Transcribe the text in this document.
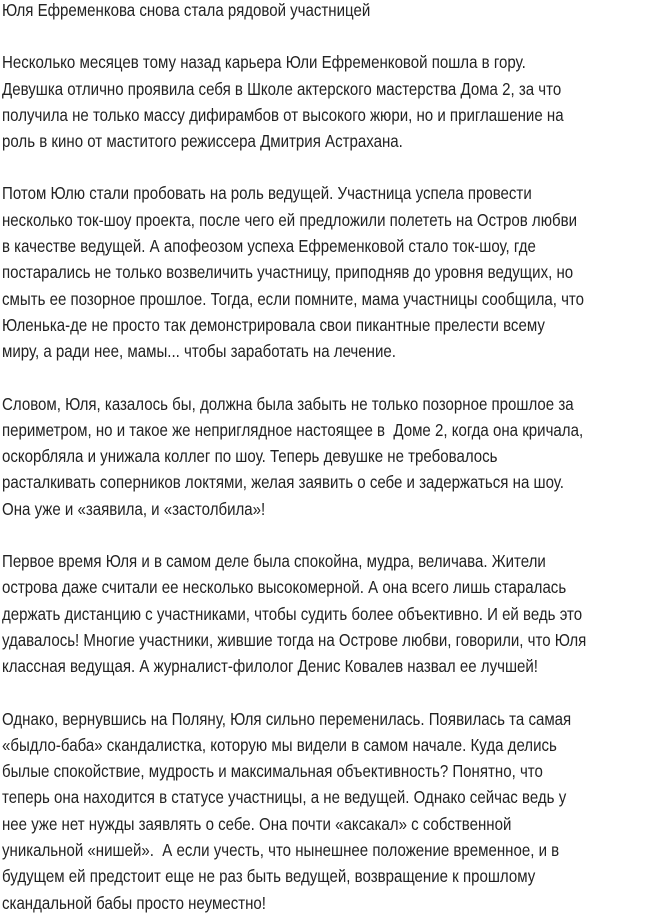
Юля Ефременкова снова стала рядовой участницей
Несколько месяцев тому назад карьера Юли Ефременковой пошла в гору.
Девушка отлично проявила себя в Школе актерского мастерства Дома 2, за что
получила не только массу дифирамбов от высокого жюри, но и приглашение на
роль в кино от маститого режиссера Дмитрия Астрахана.
Потом Юлю стали пробовать на роль ведущей. Участница успела провести
несколько ток-шоу проекта, после чего ей предложили полететь на Остров любви
в качестве ведущей. А апофеозом успеха Ефременковой стало ток-шоу, где
постарались не только возвеличить участницу, приподняв до уровня ведущих, но
смыть ее позорное прошлое. Тогда, если помните, мама участницы сообщила, что
Юленька-де не просто так демонстрировала свои пикантные прелести всему
миру, а ради нее, мамы... чтобы заработать на лечение.
Словом, Юля, казалось бы, должна была забыть не только позорное прошлое за
периметром, но и такое же неприглядное настоящее в  Доме 2, когда она кричала,
оскорбляла и унижала коллег по шоу. Теперь девушке не требовалось
расталкивать соперников локтями, желая заявить о себе и задержаться на шоу.
Она уже и «заявила, и «застолбила»!
Первое время Юля и в самом деле была спокойна, мудра, величава. Жители
острова даже считали ее несколько высокомерной. А она всего лишь старалась
держать дистанцию с участниками, чтобы судить более объективно. И ей ведь это
удавалось! Многие участники, жившие тогда на Острове любви, говорили, что Юля
классная ведущая. А журналист-филолог Денис Ковалев назвал ее лучшей!
Однако, вернувшись на Поляну, Юля сильно переменилась. Появилась та самая
«быдло-баба» скандалистка, которую мы видели в самом начале. Куда делись
былые спокойствие, мудрость и максимальная объективность? Понятно, что
теперь она находится в статусе участницы, а не ведущей. Однако сейчас ведь у
нее уже нет нужды заявлять о себе. Она почти «аксакал» с собственной
уникальной «нишей».  А если учесть, что нынешнее положение временное, и в
будущем ей предстоит еще не раз быть ведущей, возвращение к прошлому
скандальной бабы просто неуместно!
